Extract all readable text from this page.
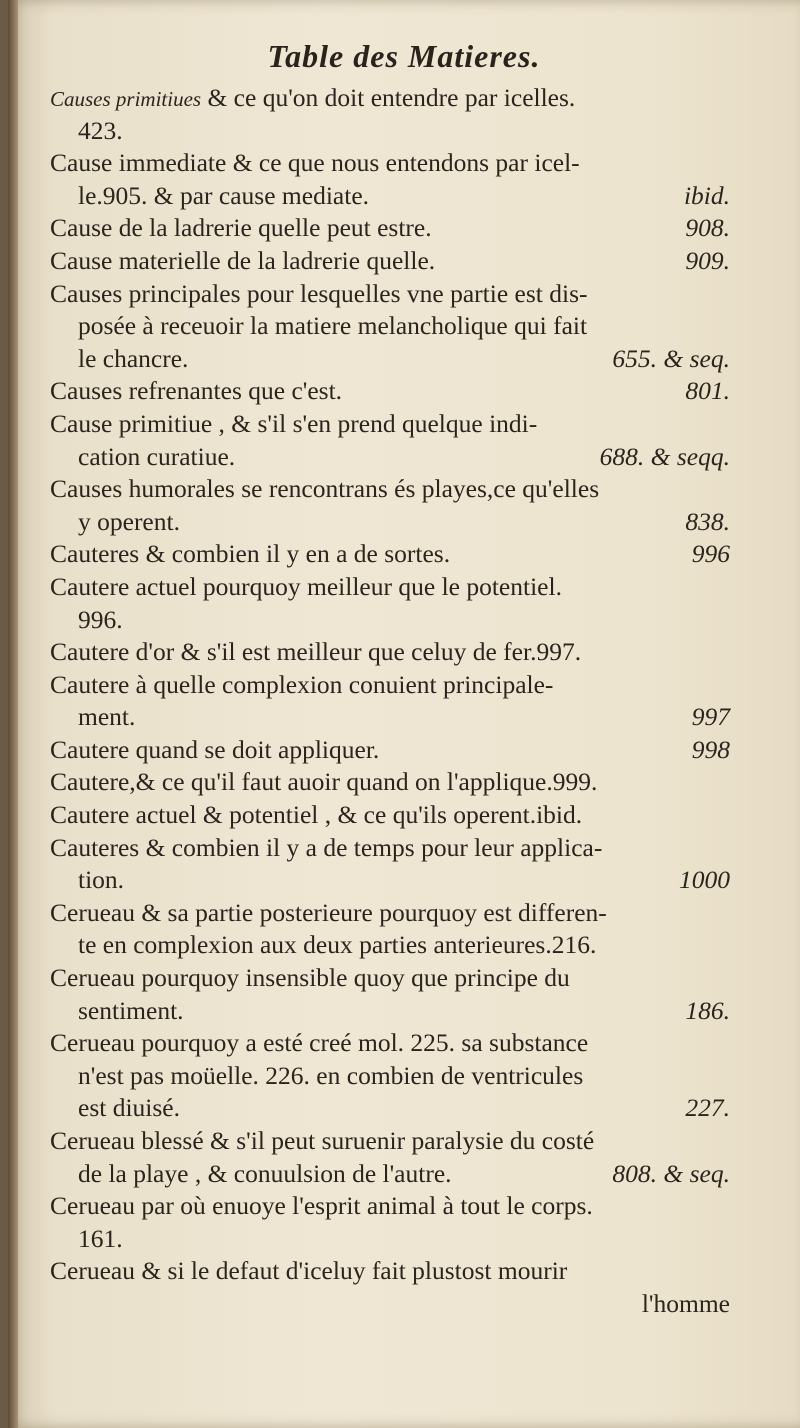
Table des Matieres.
Causes primitiues & ce qu'on doit entendre par icelles.
423.
Cause immediate & ce que nous entendons par icel-
le.905. & par cause mediate.	ibid.
Cause de la ladrerie quelle peut estre.	908.
Cause materielle de la ladrerie quelle.	909.
Causes principales pour lesquelles vne partie est dis-
posée à receuoir la matiere melancholique qui fait
le chancre.	655. & seq.
Causes refrenantes que c'est.	801.
Cause primitiue , & s'il s'en prend quelque indi-
cation curatiue.	688. & seqq.
Causes humorales se rencontrans és playes,ce qu'elles
y operent.	838.
Cauteres & combien il y en a de sortes.	996
Cautere actuel pourquoy meilleur que le potentiel.
996.
Cautere d'or & s'il est meilleur que celuy de fer.997.
Cautere à quelle complexion conuient principale-
ment.	997
Cautere quand se doit appliquer.	998
Cautere,& ce qu'il faut auoir quand on l'applique.999.
Cautere actuel & potentiel , & ce qu'ils operent.ibid.
Cauteres & combien il y a de temps pour leur applica-
tion.	1000
Cerueau & sa partie posterieure pourquoy est differen-
te en complexion aux deux parties anterieures.216.
Cerueau pourquoy insensible quoy que principe du
sentiment.	186.
Cerueau pourquoy a esté creé mol. 225. sa substance
n'est pas moüelle. 226. en combien de ventricules
est diuisé.	227.
Cerueau blessé & s'il peut suruenir paralysie du costé
de la playe , & conuulsion de l'autre.	808. & seq.
Cerueau par où enuoye l'esprit animal à tout le corps.
161.
Cerueau & si le defaut d'iceluy fait plustost mourir
l'homme
